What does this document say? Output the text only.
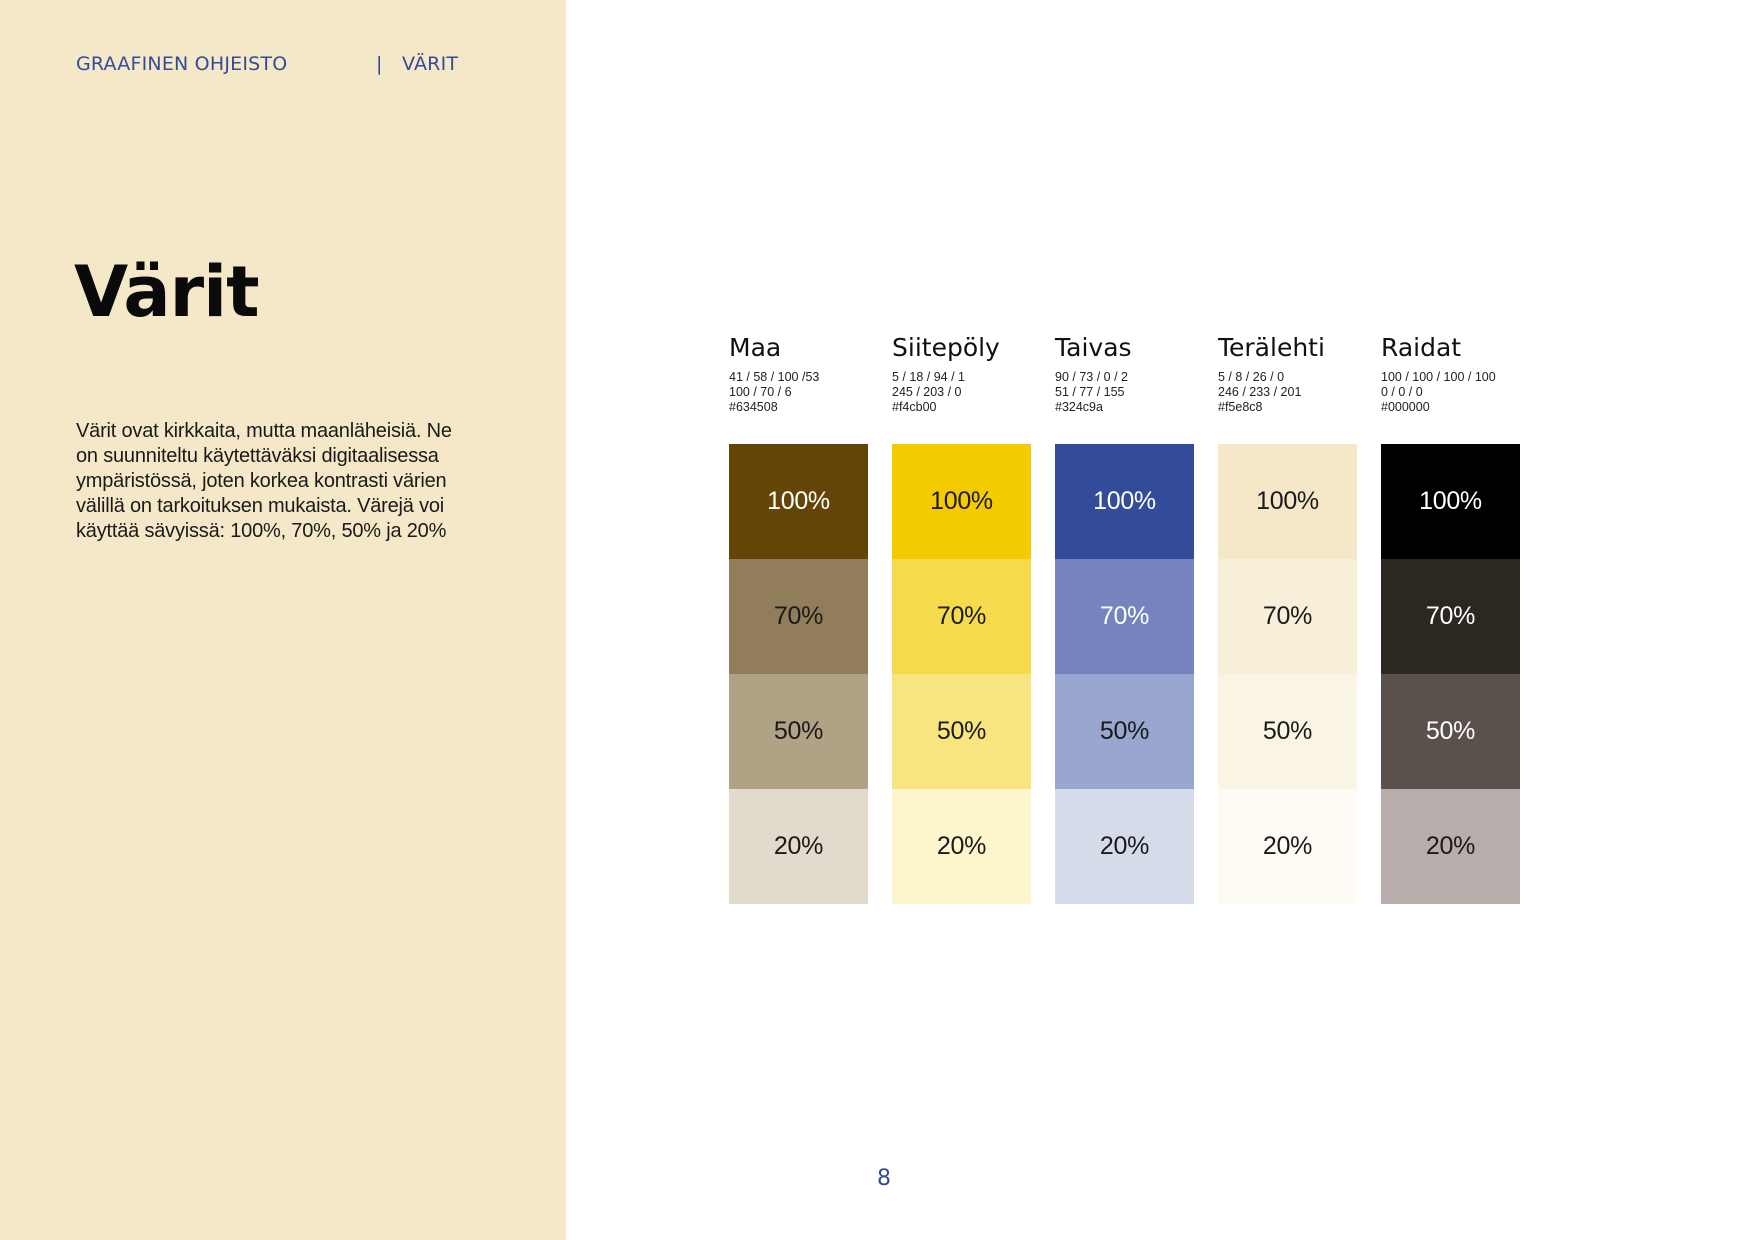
GRAAFINEN OHJEISTO	| VÄRIT
Värit

Värit ovat kirkkaita, mutta maanläheisiä. Ne on suunniteltu käytettäväksi digitaalisessa ympäristössä, joten korkea kontrasti värien välillä on tarkoituksen mukaista. Värejä voi käyttää sävyissä: 100%, 70%, 50% ja 20%

Maa
41 / 58 / 100 /53
100 / 70 / 6
#634508
100%
70%
50%
20%
Siitepöly
5 / 18 / 94 / 1
245 / 203 / 0
#f4cb00
100%
70%
50%
20%
Taivas
90 / 73 / 0 / 2
51 / 77 / 155
#324c9a
100%
70%
50%
20%
Terälehti
5 / 8 / 26 / 0
246 / 233 / 201
#f5e8c8
100%
70%
50%
20%
Raidat
100 / 100 / 100 / 100
0 / 0 / 0
#000000
100%
70%
50%
20%
8
